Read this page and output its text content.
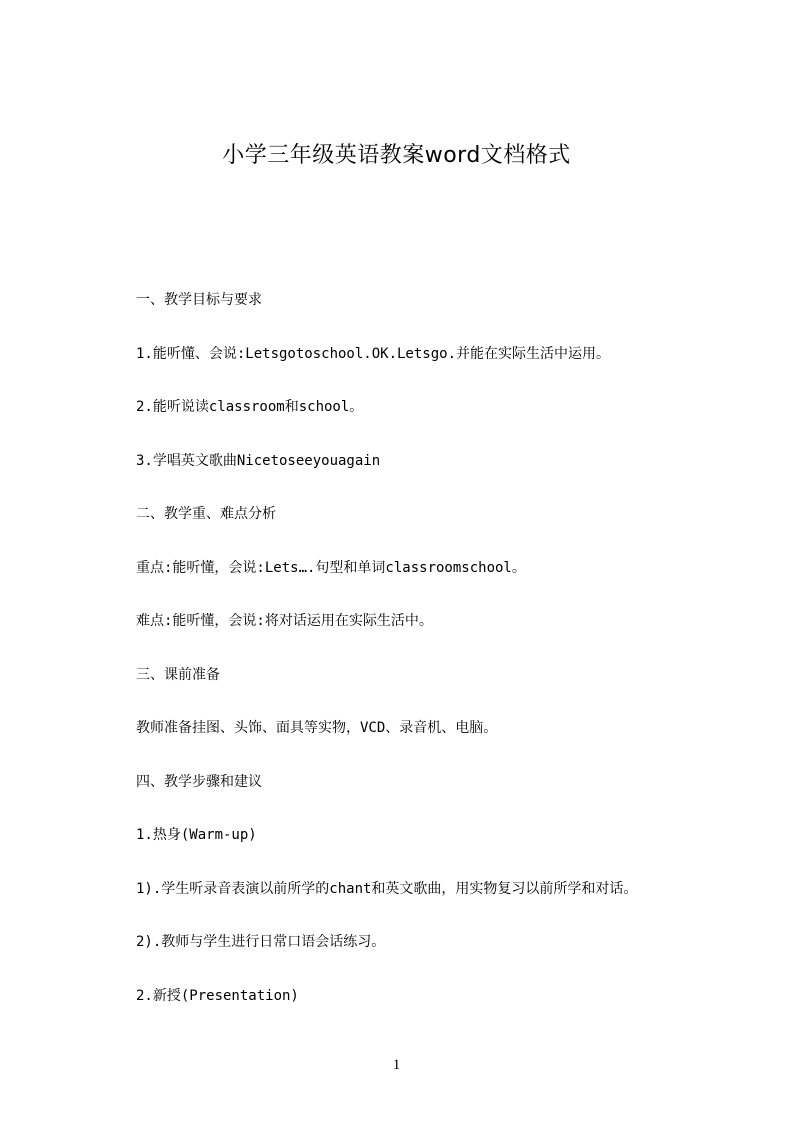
小学三年级英语教案word文档格式

一、教学目标与要求

1.能听懂、会说:Letsgotoschool.OK.Letsgo.并能在实际生活中运用。

2.能听说读classroom和school。

3.学唱英文歌曲Nicetoseeyouagain

二、教学重、难点分析

重点:能听懂，会说:Lets….句型和单词classroomschool。

难点:能听懂，会说:将对话运用在实际生活中。

三、课前准备

教师准备挂图、头饰、面具等实物，VCD、录音机、电脑。

四、教学步骤和建议

1.热身(Warm-up)

1).学生听录音表演以前所学的chant和英文歌曲，用实物复习以前所学和对话。

2).教师与学生进行日常口语会话练习。

2.新授(Presentation)

1
